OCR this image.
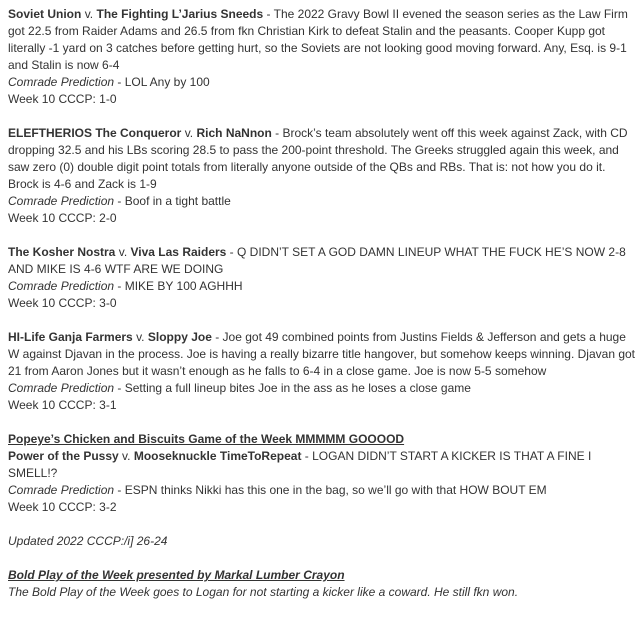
Soviet Union v. The Fighting L’Jarius Sneeds - The 2022 Gravy Bowl II evened the season series as the Law Firm got 22.5 from Raider Adams and 26.5 from fkn Christian Kirk to defeat Stalin and the peasants. Cooper Kupp got literally -1 yard on 3 catches before getting hurt, so the Soviets are not looking good moving forward. Any, Esq. is 9-1 and Stalin is now 6-4
Comrade Prediction - LOL Any by 100
Week 10 CCCP: 1-0
ELEFTHERIOS The Conqueror v. Rich NaNnon - Brock’s team absolutely went off this week against Zack, with CD dropping 32.5 and his LBs scoring 28.5 to pass the 200-point threshold. The Greeks struggled again this week, and saw zero (0) double digit point totals from literally anyone outside of the QBs and RBs. That is: not how you do it. Brock is 4-6 and Zack is 1-9
Comrade Prediction - Boof in a tight battle
Week 10 CCCP: 2-0
The Kosher Nostra v. Viva Las Raiders - Q DIDN’T SET A GOD DAMN LINEUP WHAT THE FUCK HE’S NOW 2-8 AND MIKE IS 4-6 WTF ARE WE DOING
Comrade Prediction - MIKE BY 100 AGHHH
Week 10 CCCP: 3-0
HI-Life Ganja Farmers v. Sloppy Joe - Joe got 49 combined points from Justins Fields & Jefferson and gets a huge W against Djavan in the process. Joe is having a really bizarre title hangover, but somehow keeps winning. Djavan got 21 from Aaron Jones but it wasn’t enough as he falls to 6-4 in a close game. Joe is now 5-5 somehow
Comrade Prediction - Setting a full lineup bites Joe in the ass as he loses a close game
Week 10 CCCP: 3-1
Popeye’s Chicken and Biscuits Game of the Week MMMMM GOOOOD
Power of the Pussy v. Mooseknuckle TimeToRepeat - LOGAN DIDN’T START A KICKER IS THAT A FINE I SMELL!?
Comrade Prediction - ESPN thinks Nikki has this one in the bag, so we’ll go with that HOW BOUT EM
Week 10 CCCP: 3-2
Updated 2022 CCCP:/i] 26-24
Bold Play of the Week presented by Markal Lumber Crayon
The Bold Play of the Week goes to Logan for not starting a kicker like a coward. He still fkn won.
